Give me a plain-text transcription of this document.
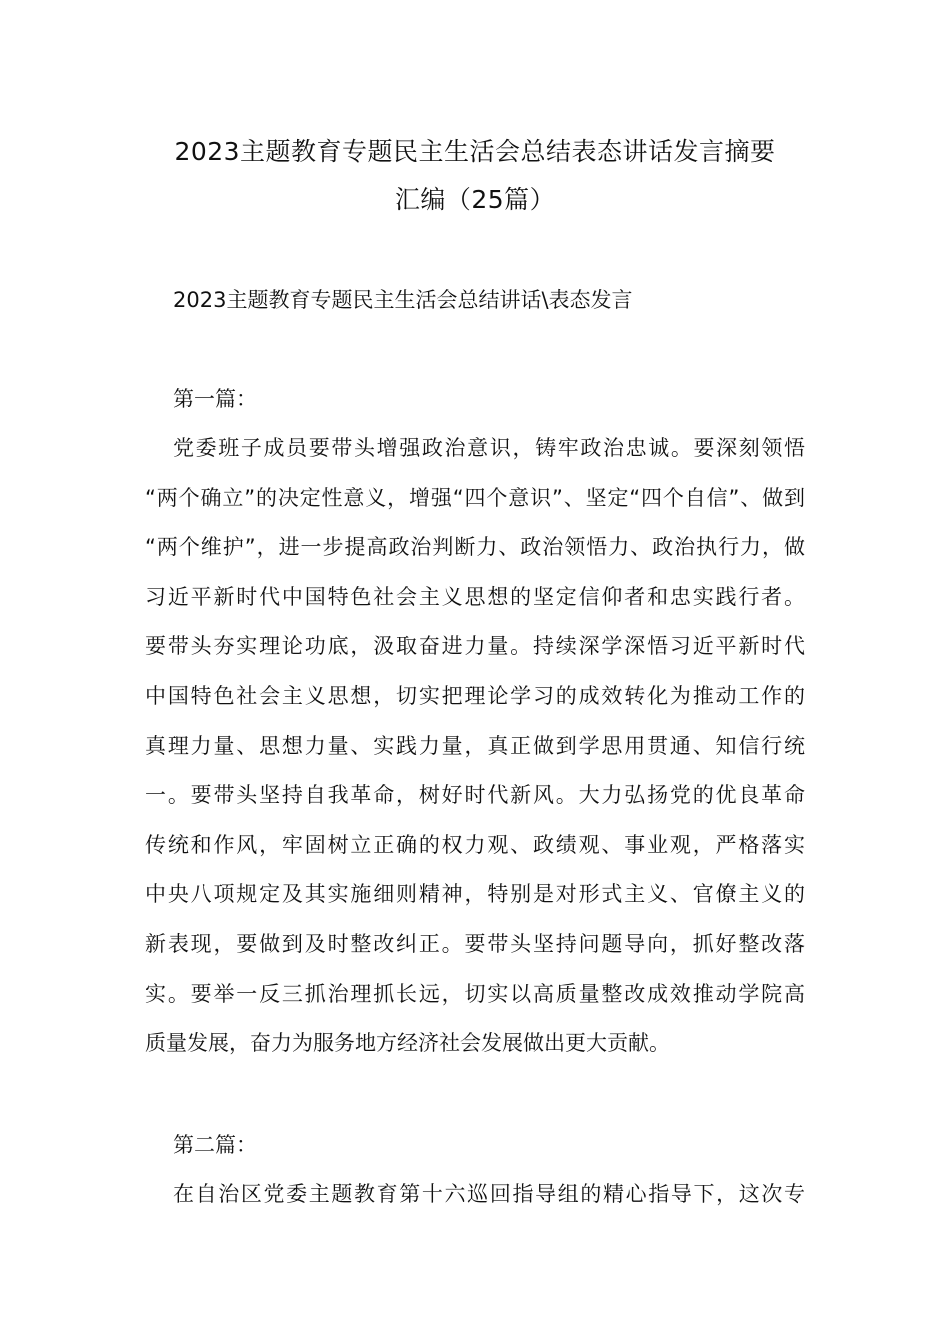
2023主题教育专题民主生活会总结表态讲话发言摘要
汇编（25篇）

2023主题教育专题民主生活会总结讲话\表态发言

第一篇：
党委班子成员要带头增强政治意识，铸牢政治忠诚。要深刻领悟
“两个确立”的决定性意义，增强“四个意识”、坚定“四个自信”、做到
“两个维护”，进一步提高政治判断力、政治领悟力、政治执行力，做
习近平新时代中国特色社会主义思想的坚定信仰者和忠实践行者。
要带头夯实理论功底，汲取奋进力量。持续深学深悟习近平新时代
中国特色社会主义思想，切实把理论学习的成效转化为推动工作的
真理力量、思想力量、实践力量，真正做到学思用贯通、知信行统
一。要带头坚持自我革命，树好时代新风。大力弘扬党的优良革命
传统和作风，牢固树立正确的权力观、政绩观、事业观，严格落实
中央八项规定及其实施细则精神，特别是对形式主义、官僚主义的
新表现，要做到及时整改纠正。要带头坚持问题导向，抓好整改落
实。要举一反三抓治理抓长远，切实以高质量整改成效推动学院高
质量发展，奋力为服务地方经济社会发展做出更大贡献。
第二篇：
在自治区党委主题教育第十六巡回指导组的精心指导下，这次专
